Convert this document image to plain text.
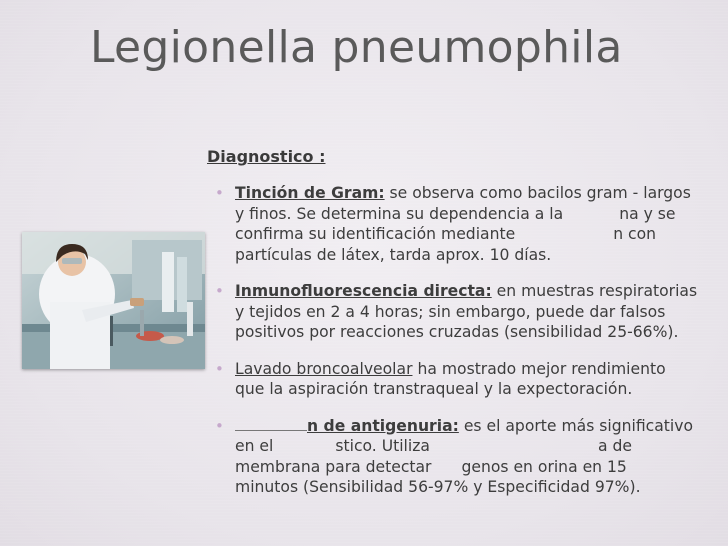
Legionella pneumophila
Diagnostico :
• Tinción de Gram: se observa como bacilos gram - largos
y finos. Se determina su dependencia a la	na y se
confirma su identificación mediante	n con
partículas de látex, tarda aprox. 10 días.
• Inmunofluorescencia directa: en muestras respiratorias
y tejidos en 2 a 4 horas; sin embargo, puede dar falsos
positivos por reacciones cruzadas (sensibilidad 25-66%).
• Lavado broncoalveolar ha mostrado mejor rendimiento
que la aspiración transtraqueal y la expectoración.
•	n de antigenuria: es el aporte más significativo
en el	stico. Utiliza	a de
membrana para detectar genos en orina en 15
minutos (Sensibilidad 56-97% y Especificidad 97%).
